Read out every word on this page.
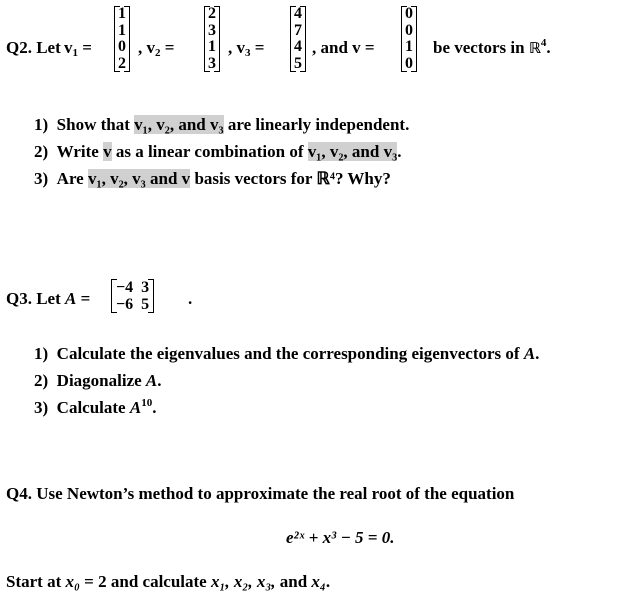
Q2. Let $v_1$ =
1
1
0
2
, $v_2$ =
2
3
1
3
, $v_3$ =
4
7
4
5
, and v =
0
0
1
0
be vectors in ℝ$^4$.
1) Show that v₁, v₂, and v₃ are linearly independent.
2) Write v as a linear combination of v₁, v₂, and v₃.
3) Are v₁, v₂, v₃ and v basis vectors for ℝ⁴? Why?
Q3. Let A =
−4 3
−6 5 .
1) Calculate the eigenvalues and the corresponding eigenvectors of A.
2) Diagonalize A.
3) Calculate $A^{10}$.
Q4. Use Newton’s method to approximate the real root of the equation
e²ˣ + x³ − 5 = 0.
Start at x₀ = 2 and calculate x₁, x₂, x₃, and x₄.
